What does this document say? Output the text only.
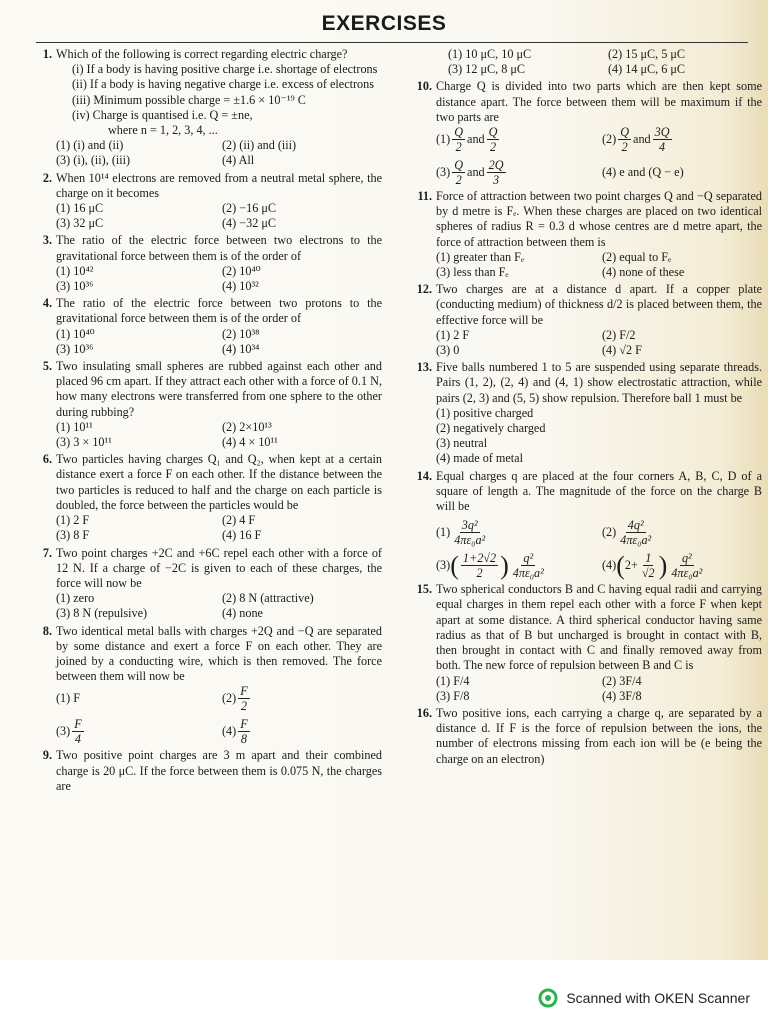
EXERCISES
1. Which of the following is correct regarding electric charge?
(i) If a body is having positive charge i.e. shortage of electrons
(ii) If a body is having negative charge i.e. excess of electrons
(iii) Minimum possible charge = ±1.6 × 10⁻¹⁹ C
(iv) Charge is quantised i.e. Q = ±ne,
where n = 1, 2, 3, 4, ...
(1) (i) and (ii)	(2) (ii) and (iii)
(3) (i), (ii), (iii)	(4) All
2. When 10¹⁴ electrons are removed from a neutral metal sphere, the charge on it becomes
(1) 16 μC	(2) −16 μC
(3) 32 μC	(4) −32 μC
3. The ratio of the electric force between two electrons to the gravitational force between them is of the order of
(1) 10⁴²	(2) 10⁴⁰
(3) 10³⁶	(4) 10³²
4. The ratio of the electric force between two protons to the gravitational force between them is of the order of
(1) 10⁴⁰	(2) 10³⁸
(3) 10³⁶	(4) 10³⁴
5. Two insulating small spheres are rubbed against each other and placed 96 cm apart. If they attract each other with a force of 0.1 N, how many electrons were transferred from one sphere to the other during rubbing?
(1) 10¹¹	(2) 2×10¹³
(3) 3 × 10¹¹	(4) 4 × 10¹¹
6. Two particles having charges Q₁ and Q₂, when kept at a certain distance exert a force F on each other. If the distance between the two particles is reduced to half and the charge on each particle is doubled, the force between the particles would be
(1) 2 F	(2) 4 F
(3) 8 F	(4) 16 F
7. Two point charges +2C and +6C repel each other with a force of 12 N. If a charge of −2C is given to each of these charges, the force will now be
(1) zero	(2) 8 N (attractive)
(3) 8 N (repulsive)	(4) none
8. Two identical metal balls with charges +2Q and −Q are separated by some distance and exert a force F on each other. They are joined by a conducting wire, which is then removed. The force between them will now be
(1) F	$(2) \frac{F}{2}$
$(3) \frac{F}{4}$	$(4) \frac{F}{8}$
9. Two positive point charges are 3 m apart and their combined charge is 20 μC. If the force between them is 0.075 N, the charges are
(1) 10 μC, 10 μC	(2) 15 μC, 5 μC
(3) 12 μC, 8 μC	(4) 14 μC, 6 μC
10. Charge Q is divided into two parts which are then kept some distance apart. The force between them will be maximum if the two parts are
$(1) \frac{Q}{2}$ and $\frac{Q}{2}$	$(2) \frac{Q}{2}$ and $\frac{3Q}{4}$
$(3) \frac{Q}{2}$ and $\frac{2Q}{3}$	(4) e and (Q − e)
11. Force of attraction between two point charges Q and −Q separated by d metre is Fₑ. When these charges are placed on two identical spheres of radius R = 0.3 d whose centres are d metre apart, the force of attraction between them is
(1) greater than Fₑ	(2) equal to Fₑ
(3) less than Fₑ	(4) none of these
12. Two charges are at a distance d apart. If a copper plate (conducting medium) of thickness d/2 is placed between them, the effective force will be
(1) 2 F	(2) F/2
(3) 0	(4) √2 F
13. Five balls numbered 1 to 5 are suspended using separate threads. Pairs (1, 2), (2, 4) and (4, 1) show electrostatic attraction, while pairs (2, 3) and (5, 5) show repulsion. Therefore ball 1 must be
(1) positive charged
(2) negatively charged
(3) neutral
(4) made of metal
14. Equal charges q are placed at the four corners A, B, C, D of a square of length a. The magnitude of the force on the charge B will be
$(1) \frac{\text{3q²}}{\text{4πε₀a²}}$	$(2) \frac{\text{4q²}}{\text{4πε₀a²}}$
(3) ( $\frac{1+2√2}{2}$ ) $\frac{\text{q²}}{\text{4πε₀a²}}$	(4) ( $2+ \frac{1}{√2}$ ) $\frac{\text{q²}}{\text{4πε₀a²}}$
15. Two spherical conductors B and C having equal radii and carrying equal charges in them repel each other with a force F when kept apart at some distance. A third spherical conductor having same radius as that of B but uncharged is brought in contact with B, then brought in contact with C and finally removed away from both. The new force of repulsion between B and C is
(1) F/4	(2) 3F/4
(3) F/8	(4) 3F/8
16. Two positive ions, each carrying a charge q, are separated by a distance d. If F is the force of repulsion between the ions, the number of electrons missing from each ion will be (e being the charge on an electron)
Scanned with OKEN Scanner
